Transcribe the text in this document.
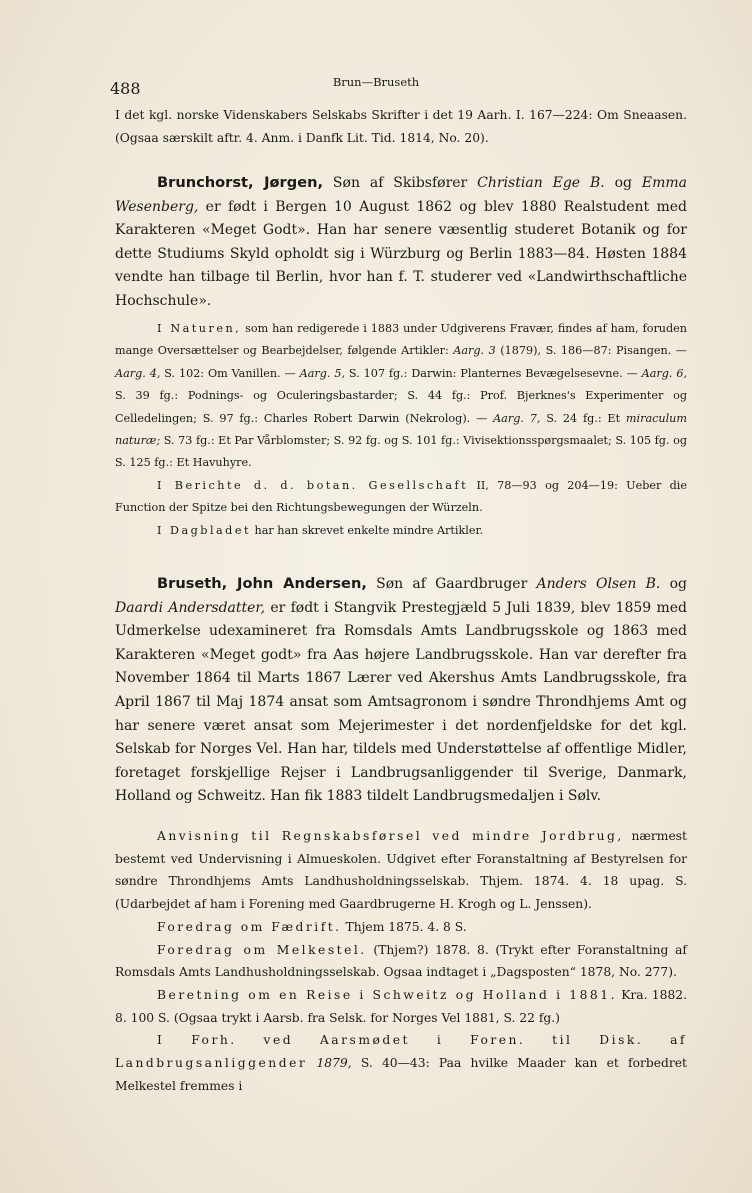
488	Brun—Bruseth

I det kgl. norske Videnskabers Selskabs Skrifter i det 19 Aarh. I. 167—224: Om Sneaasen. (Ogsaa særskilt aftr. 4. Anm. i Danfk Lit. Tid. 1814, No. 20).

Brunchorst, Jørgen, Søn af Skibsfører Christian Ege B. og Emma Wesenberg, er født i Bergen 10 August 1862 og blev 1880 Realstudent med Karakteren «Meget Godt». Han har senere væsentlig studeret Botanik og for dette Studiums Skyld opholdt sig i Würzburg og Berlin 1883—84. Høsten 1884 vendte han tilbage til Berlin, hvor han f. T. studerer ved «Landwirthschaftliche Hochschule».

I Naturen, som han redigerede i 1883 under Udgiverens Fravær, findes af ham, foruden mange Oversættelser og Bearbejdelser, følgende Artikler: Aarg. 3 (1879), S. 186—87: Pisangen. — Aarg. 4, S. 102: Om Vanillen. — Aarg. 5, S. 107 fg.: Darwin: Planternes Bevægelsesevne. — Aarg. 6, S. 39 fg.: Podnings- og Oculeringsbastarder; S. 44 fg.: Prof. Bjerknes's Experimenter og Celledelingen; S. 97 fg.: Charles Robert Darwin (Nekrolog). — Aarg. 7, S. 24 fg.: Et miraculum naturæ; S. 73 fg.: Et Par Vårblomster; S. 92 fg. og S. 101 fg.: Vivisektionsspørgsmaalet; S. 105 fg. og S. 125 fg.: Et Havuhyre.

I Berichte d. d. botan. Gesellschaft II, 78—93 og 204—19: Ueber die Function der Spitze bei den Richtungsbewegungen der Würzeln.

I Dagbladet har han skrevet enkelte mindre Artikler.

Bruseth, John Andersen, Søn af Gaardbruger Anders Olsen B. og Daardi Andersdatter, er født i Stangvik Prestegjæld 5 Juli 1839, blev 1859 med Udmerkelse udexamineret fra Romsdals Amts Landbrugsskole og 1863 med Karakteren «Meget godt» fra Aas højere Landbrugsskole. Han var derefter fra November 1864 til Marts 1867 Lærer ved Akershus Amts Landbrugsskole, fra April 1867 til Maj 1874 ansat som Amtsagronom i søndre Throndhjems Amt og har senere været ansat som Mejerimester i det nordenfjeldske for det kgl. Selskab for Norges Vel. Han har, tildels med Understøttelse af offentlige Midler, foretaget forskjellige Rejser i Landbrugsanliggender til Sverige, Danmark, Holland og Schweitz. Han fik 1883 tildelt Landbrugsmedaljen i Sølv.

Anvisning til Regnskabsførsel ved mindre Jordbrug, nærmest bestemt ved Undervisning i Almueskolen. Udgivet efter Foranstaltning af Bestyrelsen for søndre Throndhjems Amts Landhusholdningsselskab. Thjem. 1874. 4. 18 upag. S. (Udarbejdet af ham i Forening med Gaardbrugerne H. Krogh og L. Jenssen).

Foredrag om Fædrift. Thjem 1875. 4. 8 S.

Foredrag om Melkestel. (Thjem?) 1878. 8. (Trykt efter Foranstaltning af Romsdals Amts Landhusholdningsselskab. Ogsaa indtaget i „Dagsposten“ 1878, No. 277).

Beretning om en Reise i Schweitz og Holland i 1881. Kra. 1882. 8. 100 S. (Ogsaa trykt i Aarsb. fra Selsk. for Norges Vel 1881, S. 22 fg.)

I Forh. ved Aarsmødet i Foren. til Disk. af Landbrugsanliggender 1879, S. 40—43: Paa hvilke Maader kan et forbedret Melkestel fremmes i
